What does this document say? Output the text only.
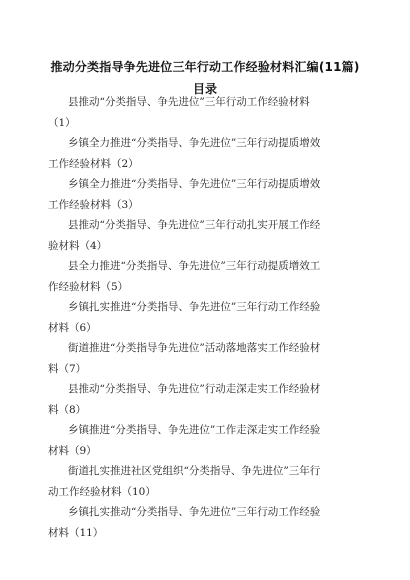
推动分类指导争先进位三年行动工作经验材料汇编(11篇)
目录
县推动“分类指导、争先进位”三年行动工作经验材料
（1）
乡镇全力推进“分类指导、争先进位”三年行动提质增效
工作经验材料（2）
乡镇全力推进“分类指导、争先进位”三年行动提质增效
工作经验材料（3）
县推动“分类指导、争先进位”三年行动扎实开展工作经
验材料（4）
县全力推进“分类指导、争先进位”三年行动提质增效工
作经验材料（5）
乡镇扎实推进“分类指导、争先进位”三年行动工作经验
材料（6）
街道推进“分类指导争先进位”活动落地落实工作经验材
料（7）
县推动“分类指导、争先进位”行动走深走实工作经验材
料（8）
乡镇推进“分类指导、争先进位”工作走深走实工作经验
材料（9）
街道扎实推进社区党组织“分类指导、争先进位”三年行
动工作经验材料（10）
乡镇扎实推动“分类指导、争先进位”三年行动工作经验
材料（11）
